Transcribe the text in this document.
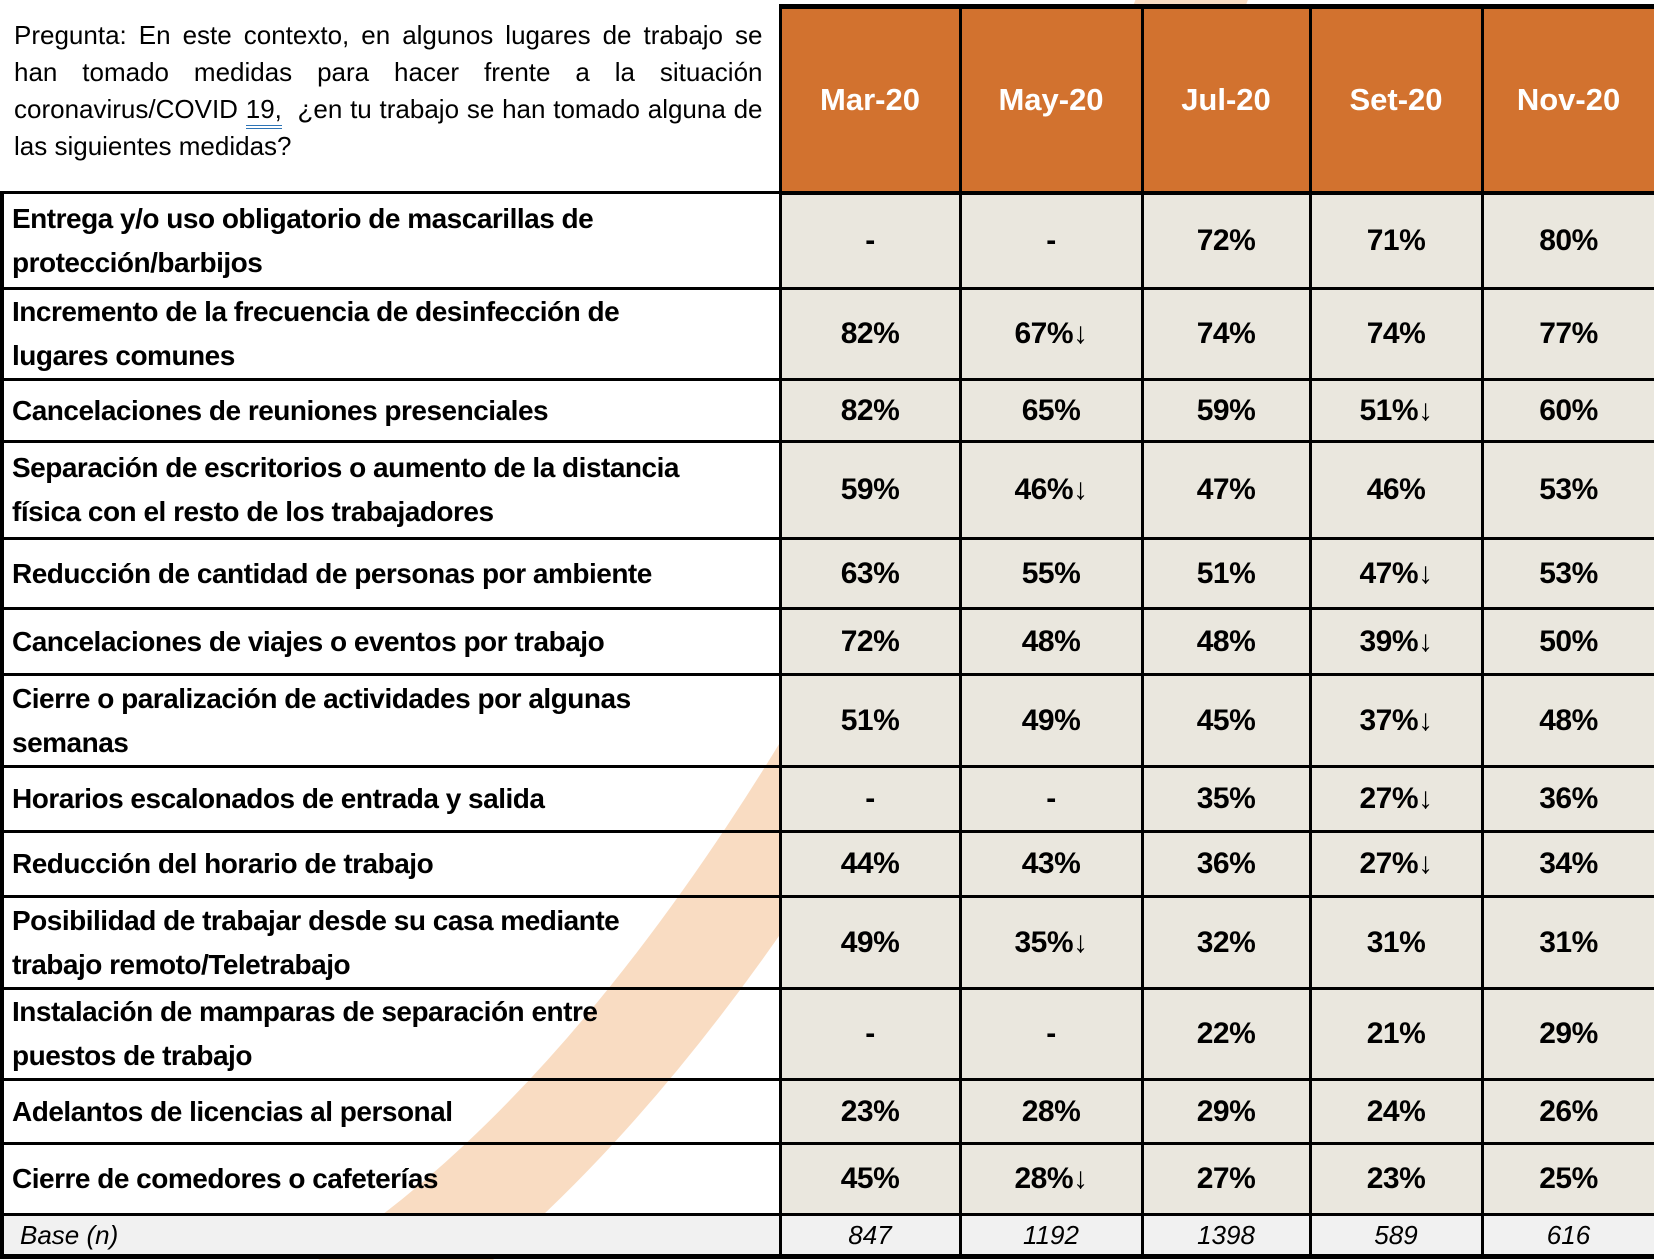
Pregunta: En este contexto, en algunos lugares de trabajo se han tomado medidas para hacer frente a la situación coronavirus/COVID 19, ¿en tu trabajo se han tomado alguna de las siguientes medidas?	Mar-20	May-20	Jul-20	Set-20	Nov-20
Entrega y/o uso obligatorio de mascarillas de
protección/barbijos	-	-	72%	71%	80%
Incremento de la frecuencia de desinfección de
lugares comunes	82%	67%↓	74%	74%	77%
Cancelaciones de reuniones presenciales	82%	65%	59%	51%↓	60%
Separación de escritorios o aumento de la distancia
física con el resto de los trabajadores	59%	46%↓	47%	46%	53%
Reducción de cantidad de personas por ambiente	63%	55%	51%	47%↓	53%
Cancelaciones de viajes o eventos por trabajo	72%	48%	48%	39%↓	50%
Cierre o paralización de actividades por algunas
semanas	51%	49%	45%	37%↓	48%
Horarios escalonados de entrada y salida	-	-	35%	27%↓	36%
Reducción del horario de trabajo	44%	43%	36%	27%↓	34%
Posibilidad de trabajar desde su casa mediante
trabajo remoto/Teletrabajo	49%	35%↓	32%	31%	31%
Instalación de mamparas de separación entre
puestos de trabajo	-	-	22%	21%	29%
Adelantos de licencias al personal	23%	28%	29%	24%	26%
Cierre de comedores o cafeterías	45%	28%↓	27%	23%	25%
Base (n)	847	1192	1398	589	616
